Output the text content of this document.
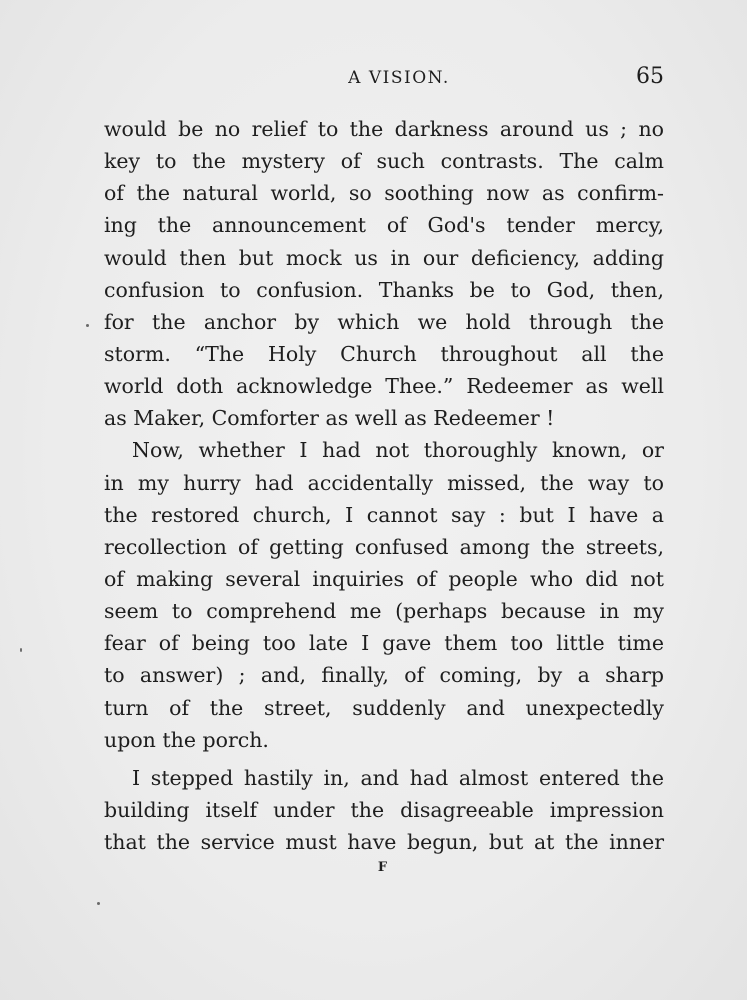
A VISION.	65
would be no relief to the darkness around us ; no
key to the mystery of such contrasts. The calm
of the natural world, so soothing now as confirm-
ing the announcement of God's tender mercy,
would then but mock us in our deficiency, adding
confusion to confusion. Thanks be to God, then,
for the anchor by which we hold through the
storm. “The Holy Church throughout all the
world doth acknowledge Thee.” Redeemer as well
as Maker, Comforter as well as Redeemer !
Now, whether I had not thoroughly known, or
in my hurry had accidentally missed, the way to
the restored church, I cannot say : but I have a
recollection of getting confused among the streets,
of making several inquiries of people who did not
seem to comprehend me (perhaps because in my
fear of being too late I gave them too little time
to answer) ; and, finally, of coming, by a sharp
turn of the street, suddenly and unexpectedly
upon the porch.
I stepped hastily in, and had almost entered the
building itself under the disagreeable impression
that the service must have begun, but at the inner
F
